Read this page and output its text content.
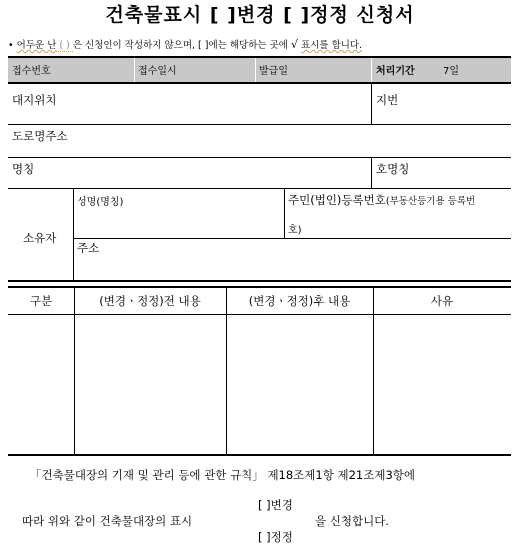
건축물표시 [ ]변경 [ ]정정 신청서
• 어두운 난 ( ) 은 신청인이 작성하지 않으며, [ ]에는 해당하는 곳에 √ 표시를 합니다.
접수번호	접수일시	발급일	처리기간	7일
대지위치	지번
도로명주소
명칭	호명칭
소유자
성명(명칭)	주민(법인)등록번호(부동산등기용 등록번
호)
주소
구분	(변경ㆍ정정)전 내용	(변경ㆍ정정)후 내용	사유
「건축물대장의 기재 및 관리 등에 관한 규칙」 제18조제1항 제21조제3항에
따라 위와 같이 건축물대장의 표시
[ ]변경
[ ]정정
을 신청합니다.
